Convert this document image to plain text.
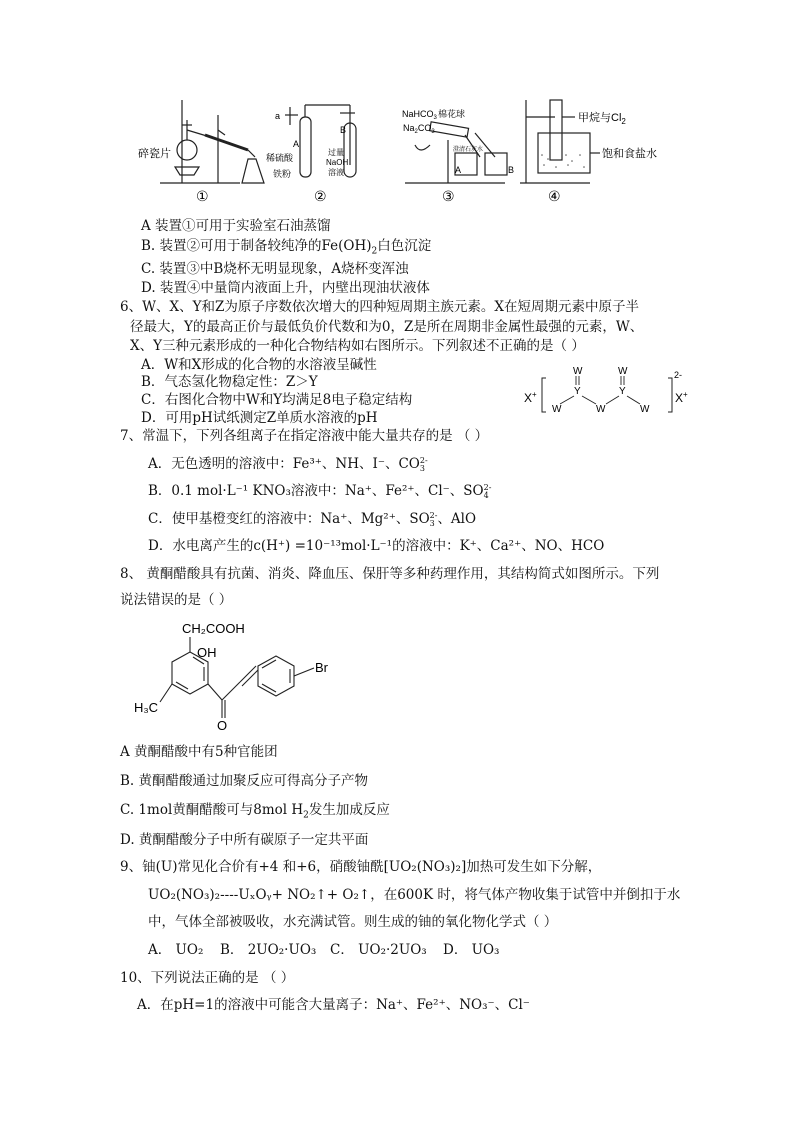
碎瓷片
①
a
A
B
稀硫酸
铁粉
过量
NaOH
溶液
②
NaHCO$_3$ 棉花球
$Na_2CO_3$
澄清石灰水
A	B
③
甲烷与$Cl_2$
饱和食盐水
④
A 装置①可用于实验室石油蒸馏
B. 装置②可用于制备较纯净的$Fe(OH)_2$白色沉淀
C. 装置③中B烧杯无明显现象，A烧杯变浑浊
D. 装置④中量筒内液面上升，内壁出现油状液体
6、W、X、Y和Z为原子序数依次增大的四种短周期主族元素。X在短周期元素中原子半
径最大，Y的最高正价与最低负价代数和为0，Z是所在周期非金属性最强的元素，W、
X、Y三种元素形成的一种化合物结构如右图所示。下列叙述不正确的是（ ）
A．W和X形成的化合物的水溶液呈碱性
B．气态氢化物稳定性：Z＞Y
C．右图化合物中W和Y均满足8电子稳定结构
D．可用pH试纸测定Z单质水溶液的pH
X+
2-
X+
W
Y
W	W
W
Y
W
7、常温下，下列各组离子在指定溶液中能大量共存的是 （ ）
A．无色透明的溶液中：Fe³⁺、NH、I⁻、CO 2-
3
B．0.1 mol·L⁻¹ KNO₃溶液中：Na⁺、Fe²⁺、Cl⁻、SO 2-
4
C．使甲基橙变红的溶液中：Na⁺、Mg²⁺、SO 2-
3 、AlO
D．水电离产生的c(H⁺) =10⁻¹³mol·L⁻¹的溶液中：K⁺、Ca²⁺、NO、HCO
8、 黄酮醋酸具有抗菌、消炎、降血压、保肝等多种药理作用，其结构简式如图所示。下列
说法错误的是（ ）
CH₂COOH
OH
Br
H₃C
O
A 黄酮醋酸中有5种官能团
B. 黄酮醋酸通过加聚反应可得高分子产物
C. 1mol黄酮醋酸可与8mol $H_2$发生加成反应
D. 黄酮醋酸分子中所有碳原子一定共平面
9、铀(U)常见化合价有+4 和+6，硝酸铀酰[UO₂(NO₃)₂]加热可发生如下分解，
UO₂(NO₃)₂----UₓOᵧ+ NO₂↑+ O₂↑，在600K 时，将气体产物收集于试管中并倒扣于水
中，气体全部被吸收，水充满试管。则生成的铀的氧化物化学式（ ）
A． UO₂ B． 2UO₂·UO₃ C． UO₂·2UO₃ D． UO₃
10、下列说法正确的是 （ ）
A．在pH=1的溶液中可能含大量离子：Na⁺、Fe²⁺、NO₃⁻、Cl⁻
